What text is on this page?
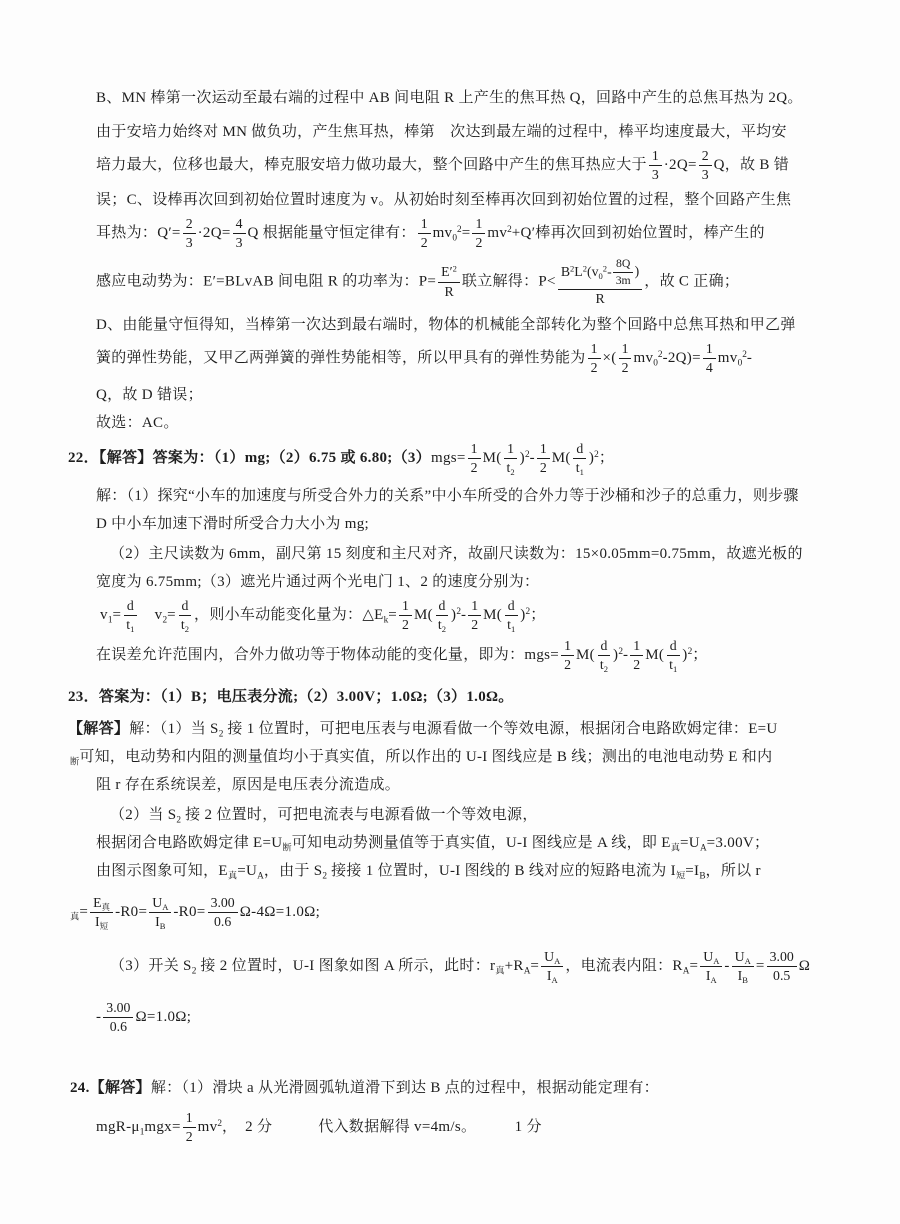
B、MN 棒第一次运动至最右端的过程中 AB 间电阻 R 上产生的焦耳热 Q，回路中产生的总焦耳热为 2Q。
由于安培力始终对 MN 做负功，产生焦耳热，棒第　次达到最左端的过程中，棒平均速度最大，平均安
培力最大，位移也最大，棒克服安培力做功最大，整个回路中产生的焦耳热应大于 $\frac{1}{3} \cdot 2Q= \frac{2}{3}$ Q，故 B 错
误；C、设棒再次回到初始位置时速度为 v。从初始时刻至棒再次回到初始位置的过程，整个回路产生焦
耳热为：$Q'= \frac{2}{3} \cdot 2Q= \frac{4}{3}$ Q 根据能量守恒定律有： $\frac{1}{2} mv_0^2= \frac{1}{2} mv^2+Q'$棒再次回到初始位置时，棒产生的
感应电动势为：E′=BLvAB 间电阻 R 的功率为：$P= \frac{E'^2}{R}$ 联立解得：$P< \frac{B^2L^2(v_0^2- \frac{8Q}{3m} )}{R}$ ，故 C 正确；
D、由能量守恒得知，当棒第一次达到最右端时，物体的机械能全部转化为整个回路中总焦耳热和甲乙弹
簧的弹性势能，又甲乙两弹簧的弹性势能相等，所以甲具有的弹性势能为 $\frac{1}{2}$ ×( $\frac{1}{2} mv_0^2-2Q)= \frac{1}{4} mv_0^2-$
Q，故 D 错误；
故选：AC。
22．【解答】答案为：（1）mg;（2）6.75 或 6.80;（3）mgs= $\frac{1}{2} M( \frac{1}{t_2} )^2- \frac{1}{2} M( \frac{d}{t_1} )^2$；
解：（1）探究“小车的加速度与所受合外力的关系”中小车所受的合外力等于沙桶和沙子的总重力，则步骤
D 中小车加速下滑时所受合力大小为 mg;
（2）主尺读数为 6mm，副尺第 15 刻度和主尺对齐，故副尺读数为：15×0.05mm=0.75mm，故遮光板的
宽度为 6.75mm;（3）遮光片通过两个光电门 1、2 的速度分别为：
$v_1= \frac{d}{t_1}$ 　$v_2= \frac{d}{t_2}$ ，则小车动能变化量为：$\triangle E_k= \frac{1}{2} M( \frac{d}{t_2} )^2- \frac{1}{2} M( \frac{d}{t_1} )^2$；
在误差允许范围内，合外力做功等于物体动能的变化量，即为：$mgs= \frac{1}{2} M( \frac{d}{t_2} )^2- \frac{1}{2} M( \frac{d}{t_1} )^2$；
23．答案为：（1）B；电压表分流;（2）3.00V；1.0Ω;（3）1.0Ω。
【解答】解：（1）当 $S_2$ 接 1 位置时，可把电压表与电源看做一个等效电源，根据闭合电路欧姆定律：E=U
$_断$可知，电动势和内阻的测量值均小于真实值，所以作出的 U-I 图线应是 B 线；测出的电池电动势 E 和内
阻 r 存在系统误差，原因是电压表分流造成。
（2）当 $S_2$ 接 2 位置时，可把电流表与电源看做一个等效电源，
根据闭合电路欧姆定律 $E=U_断$可知电动势测量值等于真实值，U-I 图线应是 A 线，即 $E_真=U_A=3.00V$；
由图示图象可知，$E_真=U_A$，由于 $S_2$ 接接 1 位置时，U-I 图线的 B 线对应的短路电流为 $I_短=I_B$，所以 r
$_真= \frac{E_真}{I_短} -R0= \frac{U_A}{I_B} -R0= \frac{3.00}{0.6} \Omega-4\Omega=1.0\Omega$;
（3）开关 $S_2$ 接 2 位置时，U-I 图象如图 A 所示，此时：$r_真+R_A= \frac{U_A}{I_A}$ ，电流表内阻：$R_A= \frac{U_A}{I_A} - \frac{U_A}{I_B} = \frac{3.00}{0.5}$ Ω
- $\frac{3.00}{0.6} \Omega=1.0\Omega$;
24.【解答】解：（1）滑块 a 从光滑圆弧轨道滑下到达 B 点的过程中，根据动能定理有：
mgR-$\mu_1mgx= \frac{1}{2} mv^2$，　2 分　　　代入数据解得 v=4m/s。　　　1 分
